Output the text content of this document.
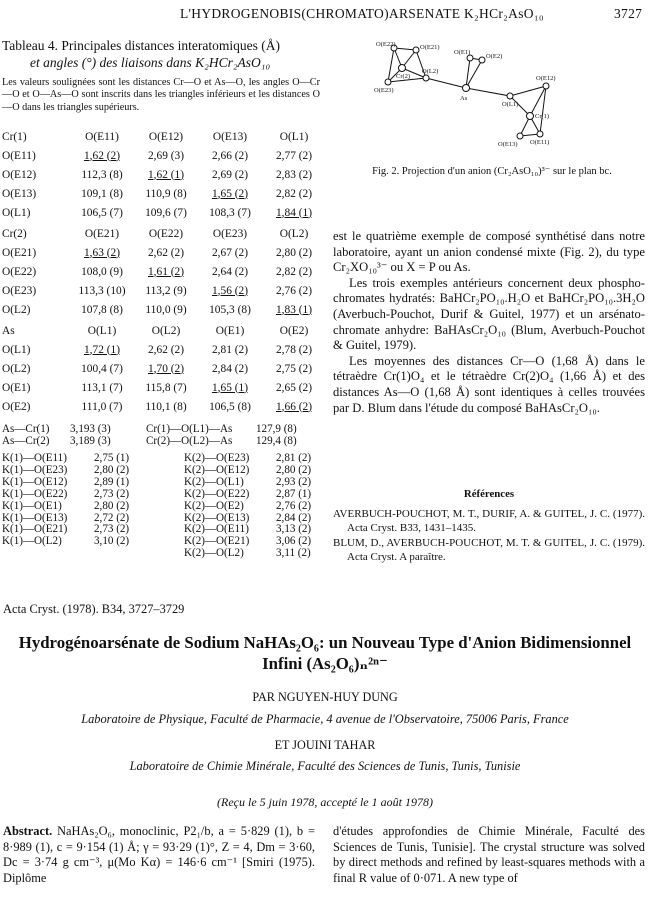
L'HYDROGENOBIS(CHROMATO)ARSENATE K₂HCr₂AsO₁₀	3727
Tableau 4. Principales distances interatomiques (Å)
et angles (°) des liaisons dans K₂HCr₂AsO₁₀
Les valeurs soulignées sont les distances Cr—O et As—O, les angles O—Cr—O et O—As—O sont inscrits dans les triangles inférieurs et les distances O—O dans les triangles supérieurs.
Cr(1)	O(E11)	O(E12)	O(E13)	O(L1)
O(E11)	1,62 (2)	2,69 (3)	2,66 (2)	2,77 (2)
O(E12)	112,3 (8)	1,62 (1)	2,69 (2)	2,83 (2)
O(E13)	109,1 (8)	110,9 (8)	1,65 (2)	2,82 (2)
O(L1)	106,5 (7)	109,6 (7)	108,3 (7)	1,84 (1)
Cr(2)	O(E21)	O(E22)	O(E23)	O(L2)
O(E21)	1,63 (2)	2,62 (2)	2,67 (2)	2,80 (2)
O(E22)	108,0 (9)	1,61 (2)	2,64 (2)	2,82 (2)
O(E23)	113,3 (10)	113,2 (9)	1,56 (2)	2,76 (2)
O(L2)	107,8 (8)	110,0 (9)	105,3 (8)	1,83 (1)
As	O(L1)	O(L2)	O(E1)	O(E2)
O(L1)	1,72 (1)	2,62 (2)	2,81 (2)	2,78 (2)
O(L2)	100,4 (7)	1,70 (2)	2,84 (2)	2,75 (2)
O(E1)	113,1 (7)	115,8 (7)	1,65 (1)	2,65 (2)
O(E2)	111,0 (7)	110,1 (8)	106,5 (8)	1,66 (2)
As—Cr(1)	3,193 (3)	Cr(1)—O(L1)—As	127,9 (8)
As—Cr(2)	3,189 (3)	Cr(2)—O(L2)—As	129,4 (8)
K(1)—O(E11)	2,75 (1)
K(1)—O(E23)	2,80 (2)
K(1)—O(E12)	2,89 (1)
K(1)—O(E22)	2,73 (2)
K(1)—O(E1)	2,80 (2)
K(1)—O(E13)	2,72 (2)
K(1)—O(E21)	2,73 (2)
K(1)—O(L2)	3,10 (2)
K(2)—O(E23)	2,81 (2)
K(2)—O(E12)	2,80 (2)
K(2)—O(L1)	2,93 (2)
K(2)—O(E22)	2,87 (1)
K(2)—O(E2)	2,76 (2)
K(2)—O(E13)	2,84 (2)
K(2)—O(E11)	3,13 (2)
K(2)—O(E21)	3,06 (2)
K(2)—O(L2)	3,11 (2)
O(E22)	O(E21)
Cr(2)
O(L2)
O(E23)
As
O(E1)
O(E2)
O(L1)
O(E12)
Cr(1)
O(E13) O(E11)
Fig. 2. Projection d'un anion (Cr₂AsO₁₀)³⁻ sur le plan bc.

est le quatrième exemple de composé synthétisé dans notre laboratoire, ayant un anion condensé mixte (Fig. 2), du type Cr₂XO₁₀³⁻ ou X = P ou As.

Les trois exemples antérieurs concernent deux phospho-chromates hydratés: BaHCr₂PO₁₀.H₂O et BaHCr₂PO₁₀.3H₂O (Averbuch-Pouchot, Durif & Guitel, 1977) et un arsénato-chromate anhydre: BaHAsCr₂O₁₀ (Blum, Averbuch-Pouchot & Guitel, 1979).

Les moyennes des distances Cr—O (1,68 Å) dans le tétraèdre Cr(1)O₄ et le tétraèdre Cr(2)O₄ (1,66 Å) et des distances As—O (1,68 Å) sont identiques à celles trouvées par D. Blum dans l'étude du composé BaHAsCr₂O₁₀.

Références

AVERBUCH-POUCHOT, M. T., DURIF, A. & GUITEL, J. C. (1977). Acta Cryst. B33, 1431–1435.

BLUM, D., AVERBUCH-POUCHOT, M. T. & GUITEL, J. C. (1979). Acta Cryst. A paraître.

Acta Cryst. (1978). B34, 3727–3729
Hydrogénoarsénate de Sodium NaHAs₂O₆: un Nouveau Type d'Anion Bidimensionnel
Infini (As₂O₆)ₙ²ⁿ⁻
PAR NGUYEN-HUY DUNG
Laboratoire de Physique, Faculté de Pharmacie, 4 avenue de l'Observatoire, 75006 Paris, France
ET JOUINI TAHAR
Laboratoire de Chimie Minérale, Faculté des Sciences de Tunis, Tunis, Tunisie
(Reçu le 5 juin 1978, accepté le 1 août 1978)
Abstract. NaHAs₂O₆, monoclinic, P2₁/b, a = 5·829 (1), b = 8·989 (1), c = 9·154 (1) Å; γ = 93·29 (1)°, Z = 4, Dm = 3·60, Dc = 3·74 g cm⁻³, μ(Mo Kα) = 146·6 cm⁻¹ [Smiri (1975). Diplôme
d'études approfondies de Chimie Minérale, Faculté des Sciences de Tunis, Tunisie]. The crystal structure was solved by direct methods and refined by least-squares methods with a final R value of 0·071. A new type of
